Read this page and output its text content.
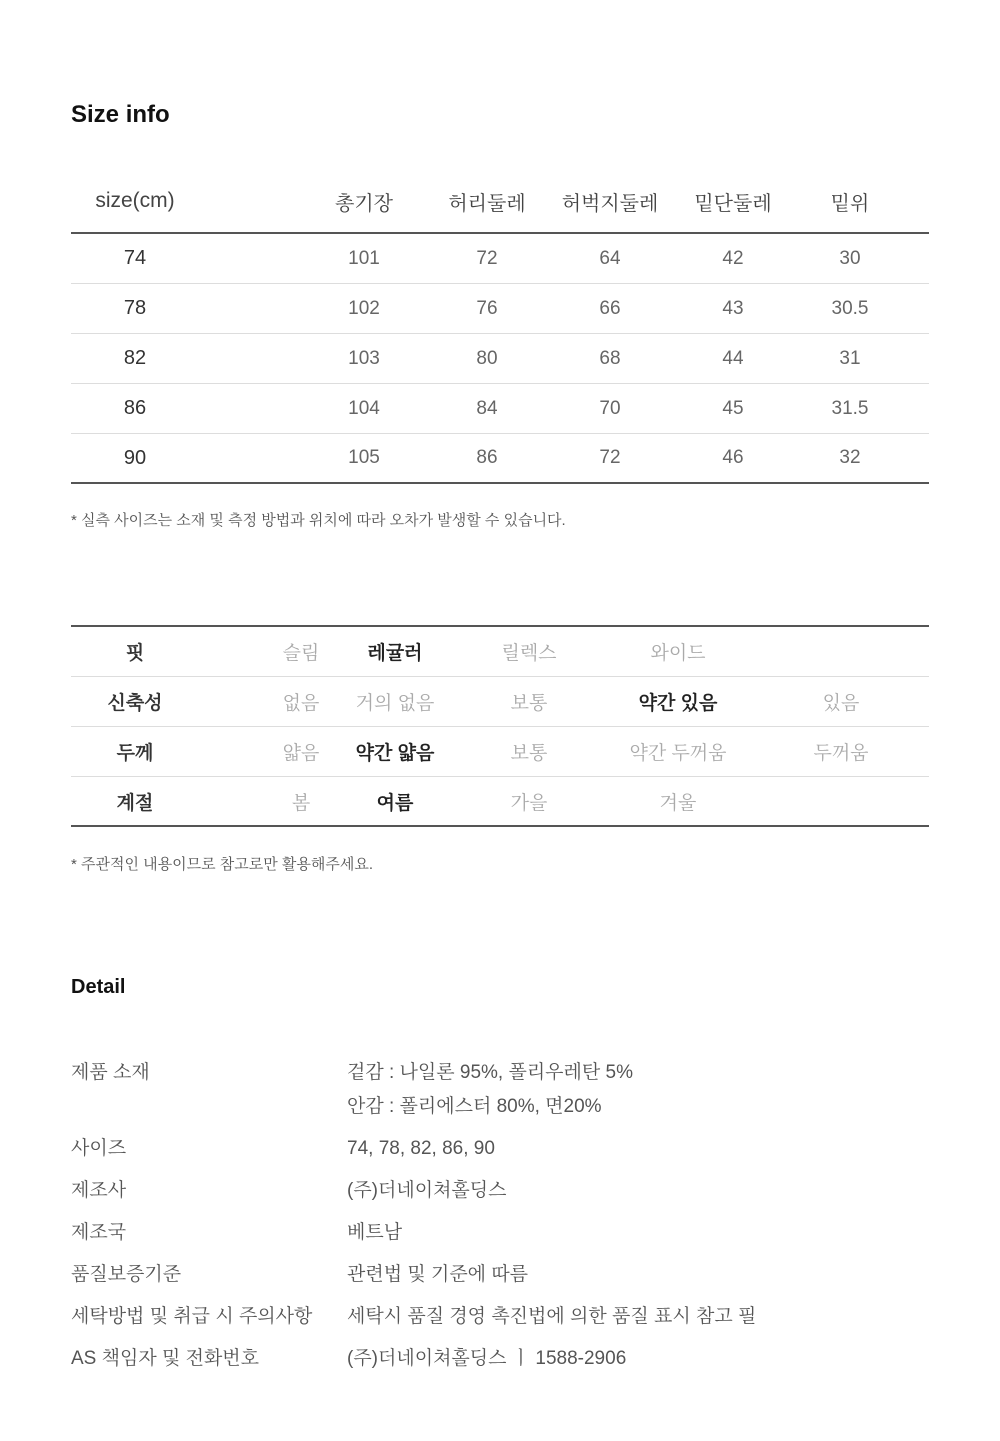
Size info
size(cm)	총기장	허리둘레	허벅지둘레	밑단둘레	밑위
74	101	72	64	42	30
78	102	76	66	43	30.5
82	103	80	68	44	31
86	104	84	70	45	31.5
90	105	86	72	46	32
* 실측 사이즈는 소재 및 측정 방법과 위치에 따라 오차가 발생할 수 있습니다.
핏	슬림	레귤러	릴렉스	와이드
신축성	없음	거의 없음	보통	약간 있음	있음
두께	얇음	약간 얇음	보통	약간 두꺼움	두꺼움
계절	봄	여름	가을	겨울
* 주관적인 내용이므로 참고로만 활용해주세요.
Detail
제품 소재	겉감 : 나일론 95%, 폴리우레탄 5%
안감 : 폴리에스터 80%, 면20%
사이즈	74, 78, 82, 86, 90
제조사	(주)더네이쳐홀딩스
제조국	베트남
품질보증기준	관련법 및 기준에 따름
세탁방법 및 취급 시 주의사항	세탁시 품질 경영 촉진법에 의한 품질 표시 참고 필
AS 책임자 및 전화번호	(주)더네이쳐홀딩스 ㅣ 1588-2906
